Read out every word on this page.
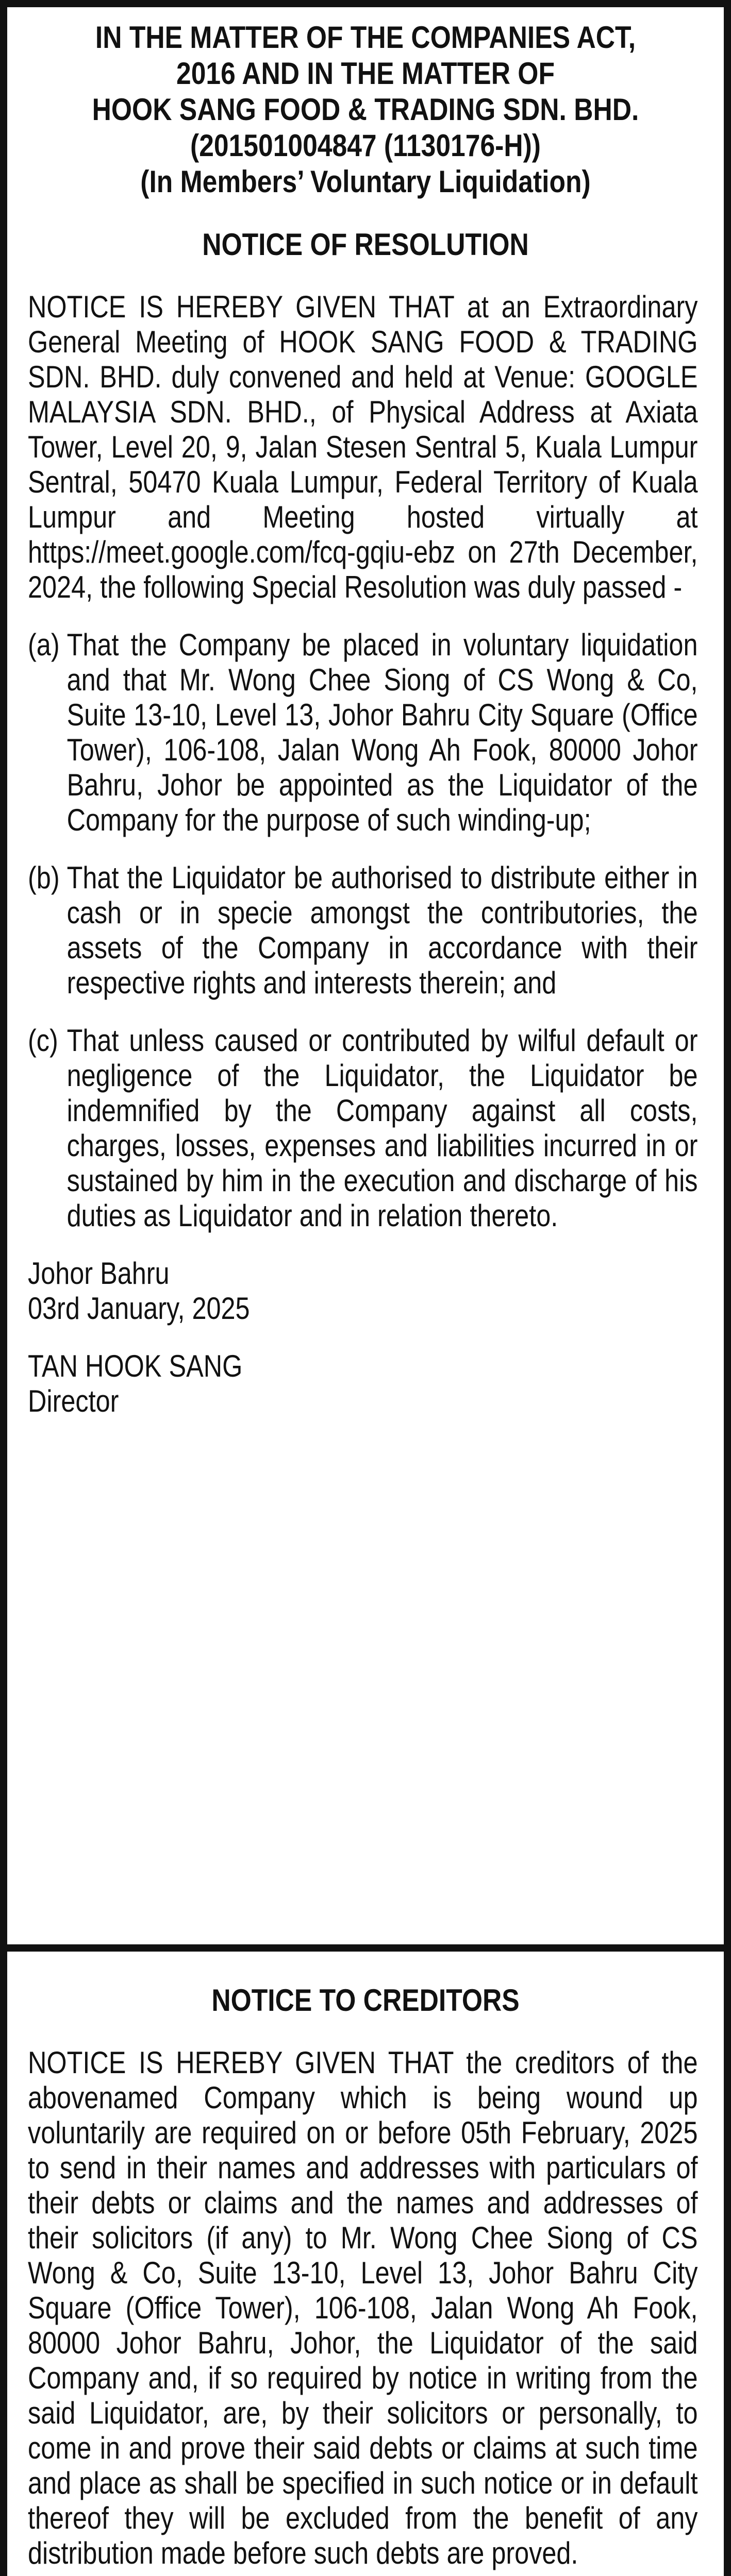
IN THE MATTER OF THE COMPANIES ACT,

2016 AND IN THE MATTER OF

HOOK SANG FOOD & TRADING SDN. BHD.

(201501004847 (1130176-H))

(In Members’ Voluntary Liquidation)

NOTICE OF RESOLUTION

NOTICE IS HEREBY GIVEN THAT at an Extraordinary General Meeting of HOOK SANG FOOD & TRADING SDN. BHD. duly convened and held at Venue: GOOGLE MALAYSIA SDN. BHD., of Physical Address at Axiata Tower, Level 20, 9, Jalan Stesen Sentral 5, Kuala Lumpur Sentral, 50470 Kuala Lumpur, Federal Territory of Kuala Lumpur and Meeting hosted virtually at https://meet.google.com/fcq-gqiu-ebz on 27th December, 2024, the following Special Resolution was duly passed -

(a) That the Company be placed in voluntary liquidation and that Mr. Wong Chee Siong of CS Wong & Co, Suite 13-10, Level 13, Johor Bahru City Square (Office Tower), 106-108, Jalan Wong Ah Fook, 80000 Johor Bahru, Johor be appointed as the Liquidator of the Company for the purpose of such winding-up;
(b) That the Liquidator be authorised to distribute either in cash or in specie amongst the contributories, the assets of the Company in accordance with their respective rights and interests therein; and
(c) That unless caused or contributed by wilful default or negligence of the Liquidator, the Liquidator be indemnified by the Company against all costs, charges, losses, expenses and liabilities incurred in or sustained by him in the execution and discharge of his duties as Liquidator and in relation thereto.

Johor Bahru

03rd January, 2025

TAN HOOK SANG

Director

NOTICE TO CREDITORS

NOTICE IS HEREBY GIVEN THAT the creditors of the abovenamed Company which is being wound up voluntarily are required on or before 05th February, 2025 to send in their names and addresses with particulars of their debts or claims and the names and addresses of their solicitors (if any) to Mr. Wong Chee Siong of CS Wong & Co, Suite 13-10, Level 13, Johor Bahru City Square (Office Tower), 106-108, Jalan Wong Ah Fook, 80000 Johor Bahru, Johor, the Liquidator of the said Company and, if so required by notice in writing from the said Liquidator, are, by their solicitors or personally, to come in and prove their said debts or claims at such time and place as shall be specified in such notice or in default thereof they will be excluded from the benefit of any distribution made before such debts are proved.
